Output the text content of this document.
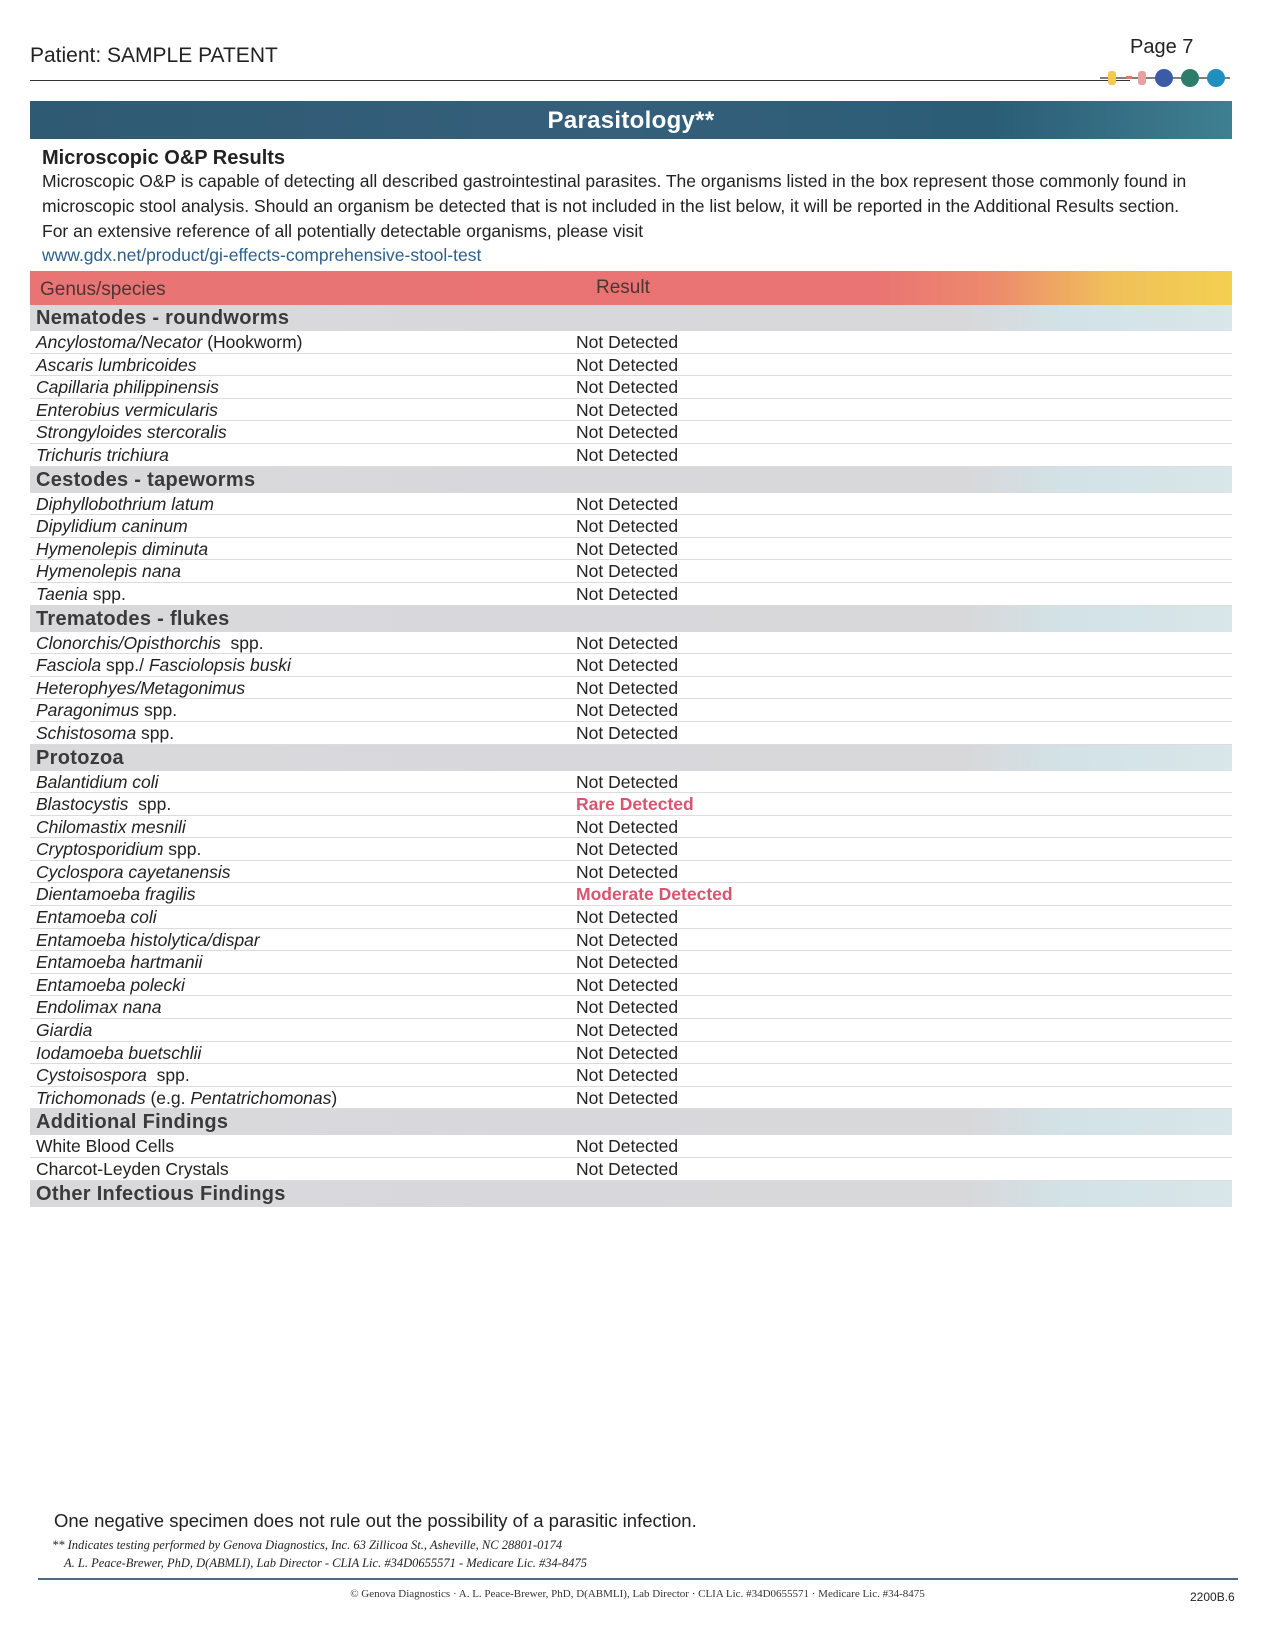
Patient: SAMPLE PATENT	Page 7
Parasitology**
Microscopic O&P Results
Microscopic O&P is capable of detecting all described gastrointestinal parasites. The organisms listed in the box represent those commonly found in microscopic stool analysis. Should an organism be detected that is not included in the list below, it will be reported in the Additional Results section. For an extensive reference of all potentially detectable organisms, please visit
www.gdx.net/product/gi-effects-comprehensive-stool-test
Genus/species	Result
Nematodes - roundworms
Ancylostoma/Necator (Hookworm)	Not Detected
Ascaris lumbricoides	Not Detected
Capillaria philippinensis	Not Detected
Enterobius vermicularis	Not Detected
Strongyloides stercoralis	Not Detected
Trichuris trichiura	Not Detected
Cestodes - tapeworms
Diphyllobothrium latum	Not Detected
Dipylidium caninum	Not Detected
Hymenolepis diminuta	Not Detected
Hymenolepis nana	Not Detected
Taenia spp.	Not Detected
Trematodes - flukes
Clonorchis/Opisthorchis  spp.	Not Detected
Fasciola spp./ Fasciolopsis buski	Not Detected
Heterophyes/Metagonimus	Not Detected
Paragonimus spp.	Not Detected
Schistosoma spp.	Not Detected
Protozoa
Balantidium coli	Not Detected
Blastocystis  spp.	Rare Detected
Chilomastix mesnili	Not Detected
Cryptosporidium spp.	Not Detected
Cyclospora cayetanensis	Not Detected
Dientamoeba fragilis	Moderate Detected
Entamoeba coli	Not Detected
Entamoeba histolytica/dispar	Not Detected
Entamoeba hartmanii	Not Detected
Entamoeba polecki	Not Detected
Endolimax nana	Not Detected
Giardia	Not Detected
Iodamoeba buetschlii	Not Detected
Cystoisospora  spp.	Not Detected
Trichomonads (e.g. Pentatrichomonas)	Not Detected
Additional Findings
White Blood Cells	Not Detected
Charcot-Leyden Crystals	Not Detected
Other Infectious Findings
One negative specimen does not rule out the possibility of a parasitic infection.
** Indicates testing performed by Genova Diagnostics, Inc. 63 Zillicoa St., Asheville, NC 28801-0174
A. L. Peace-Brewer, PhD, D(ABMLI), Lab Director - CLIA Lic. #34D0655571 - Medicare Lic. #34-8475
© Genova Diagnostics · A. L. Peace-Brewer, PhD, D(ABMLI), Lab Director · CLIA Lic. #34D0655571 · Medicare Lic. #34-8475	2200B.6
